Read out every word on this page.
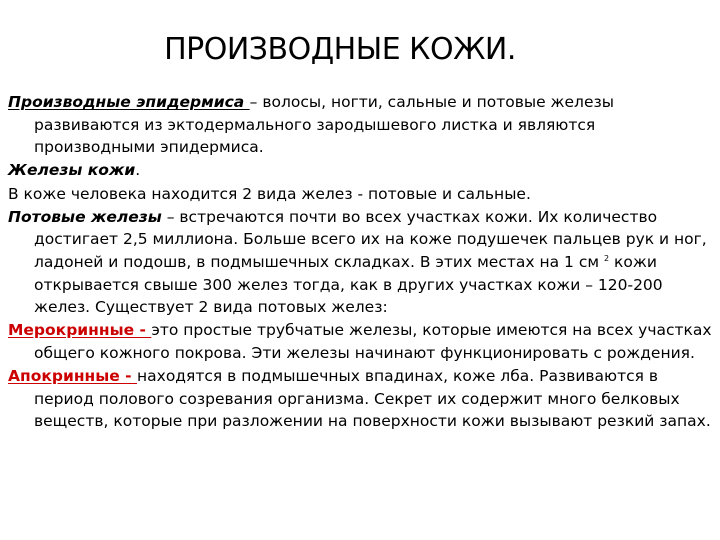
ПРОИЗВОДНЫЕ КОЖИ.

Производные эпидермиса – волосы, ногти, сальные и потовые железы развиваются из эктодермального зародышевого листка и являются производными эпидермиса.

Железы кожи.

В коже человека находится 2 вида желез - потовые и сальные.

Потовые железы – встречаются почти во всех участках кожи. Их количество достигает 2,5 миллиона. Больше всего их на коже подушечек пальцев рук и ног, ладоней и подошв, в подмышечных складках. В этих местах на 1 см $^2$ кожи открывается свыше 300 желез тогда, как в других участках кожи – 120-200 желез. Существует 2 вида потовых желез:

Мерокринные - это простые трубчатые железы, которые имеются на всех участках общего кожного покрова. Эти железы начинают функционировать с рождения.

Апокринные - находятся в подмышечных впадинах, коже лба. Развиваются в период полового созревания организма. Секрет их содержит много белковых веществ, которые при разложении на поверхности кожи вызывают резкий запах.
